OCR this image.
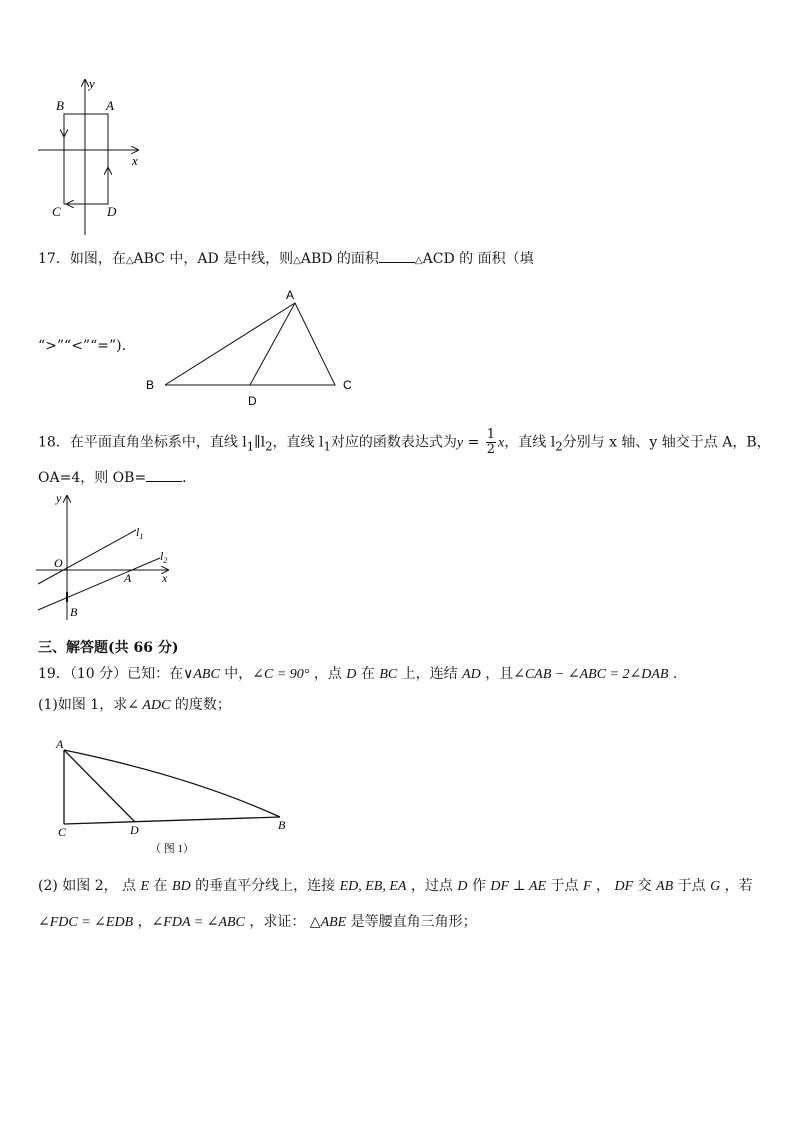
y
x
A
B
C	D
17．如图，在△ABC 中，AD 是中线，则△ABD 的面积	△ACD 的 面积（填
“>”“<”“=”).
A
B	C
D
18．在平面直角坐标系中，直线 $l_1\parallel l_2$，直线 $l_1$对应的函数表达式为$y = \frac{1}{2}$ x，直线 $l_2$分别与 x 轴、y 轴交于点 A，B，
OA=4，则 OB=	.
y
x
O
A
B
$l_1$
$l_2$
三、解答题(共 66 分)
19．（10 分）已知：在∨ABC 中，∠C = 90° ，点 D 在 BC 上，连结 AD ，且∠CAB − ∠ABC = 2∠DAB .
(1)如图 1，求∠ ADC 的度数；
A
C	D	B
（ 图 1）
(2) 如图 2， 点 E 在 BD 的垂直平分线上，连接 ED, EB, EA ，过点 D 作 DF ⊥ AE 于点 F ， DF 交 AB 于点 G ，若
∠FDC = ∠EDB ，∠FDA = ∠ABC ，求证： △ABE 是等腰直角三角形；
